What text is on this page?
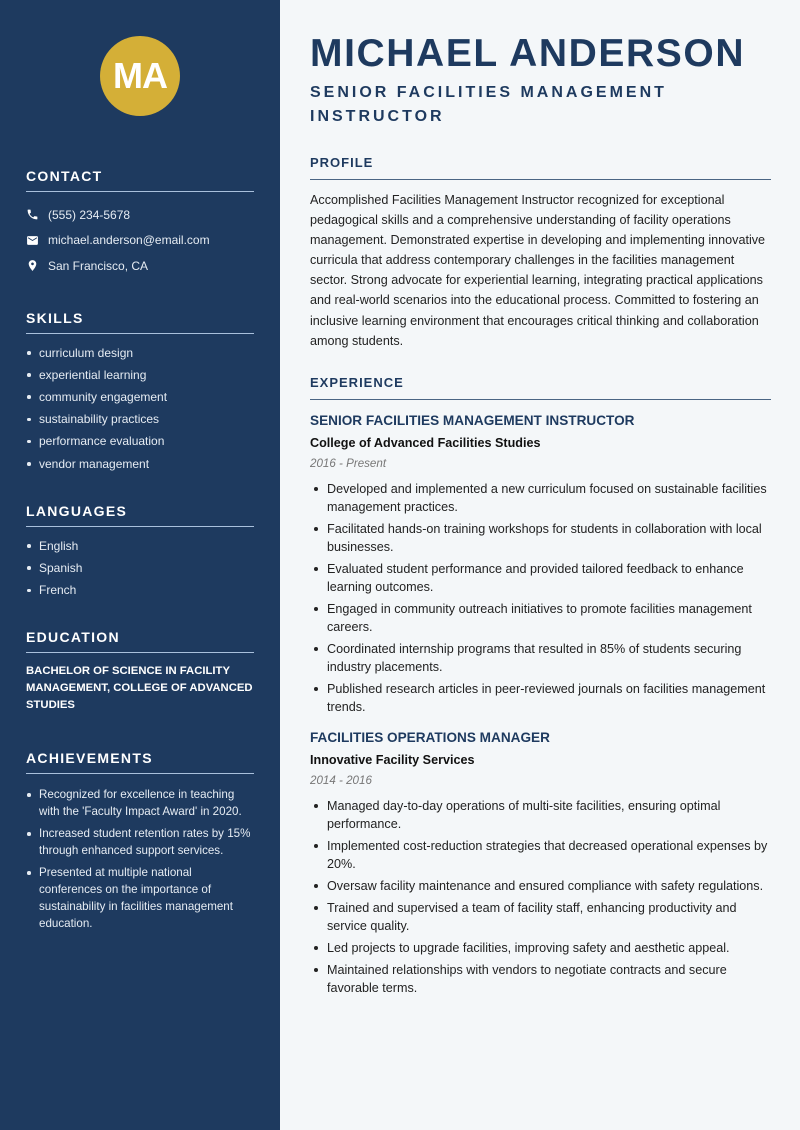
MA
CONTACT
(555) 234-5678
michael.anderson@email.com
San Francisco, CA
SKILLS
curriculum design
experiential learning
community engagement
sustainability practices
performance evaluation
vendor management
LANGUAGES
English
Spanish
French
EDUCATION

BACHELOR OF SCIENCE IN FACILITY MANAGEMENT, COLLEGE OF ADVANCED STUDIES

ACHIEVEMENTS
Recognized for excellence in teaching with the 'Faculty Impact Award' in 2020.
Increased student retention rates by 15% through enhanced support services.
Presented at multiple national conferences on the importance of sustainability in facilities management education.
MICHAEL ANDERSON
SENIOR FACILITIES MANAGEMENT INSTRUCTOR
PROFILE

Accomplished Facilities Management Instructor recognized for exceptional pedagogical skills and a comprehensive understanding of facility operations management. Demonstrated expertise in developing and implementing innovative curricula that address contemporary challenges in the facilities management sector. Strong advocate for experiential learning, integrating practical applications and real-world scenarios into the educational process. Committed to fostering an inclusive learning environment that encourages critical thinking and collaboration among students.

EXPERIENCE
SENIOR FACILITIES MANAGEMENT INSTRUCTOR
College of Advanced Facilities Studies
2016 - Present
Developed and implemented a new curriculum focused on sustainable facilities management practices.
Facilitated hands-on training workshops for students in collaboration with local businesses.
Evaluated student performance and provided tailored feedback to enhance learning outcomes.
Engaged in community outreach initiatives to promote facilities management careers.
Coordinated internship programs that resulted in 85% of students securing industry placements.
Published research articles in peer-reviewed journals on facilities management trends.
FACILITIES OPERATIONS MANAGER
Innovative Facility Services
2014 - 2016
Managed day-to-day operations of multi-site facilities, ensuring optimal performance.
Implemented cost-reduction strategies that decreased operational expenses by 20%.
Oversaw facility maintenance and ensured compliance with safety regulations.
Trained and supervised a team of facility staff, enhancing productivity and service quality.
Led projects to upgrade facilities, improving safety and aesthetic appeal.
Maintained relationships with vendors to negotiate contracts and secure favorable terms.
